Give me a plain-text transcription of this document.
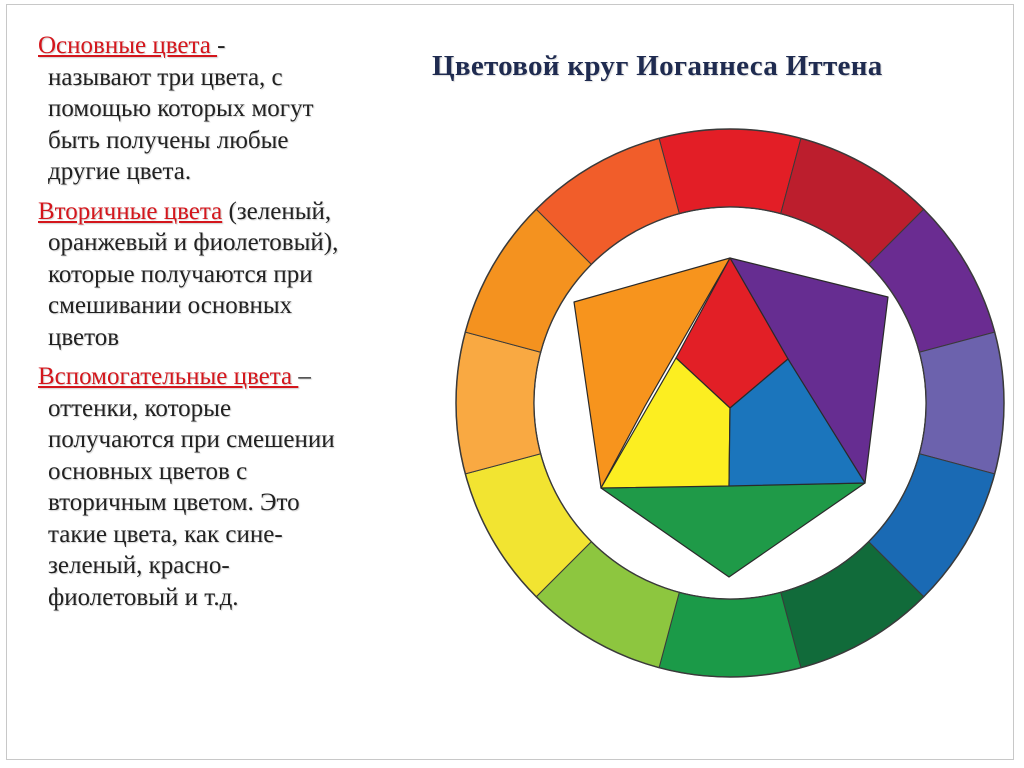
Основные цвета -
называют три цвета, с
помощью которых могут
быть получены любые
другие цвета.
Вторичные цвета (зеленый,
оранжевый и фиолетовый),
которые получаются при
смешивании основных
цветов
Вспомогательные цвета –
оттенки, которые
получаются при смешении
основных цветов с
вторичным цветом. Это
такие цвета, как сине-
зеленый, красно-
фиолетовый и т.д.
Цветовой круг Иоганнеса Иттена
